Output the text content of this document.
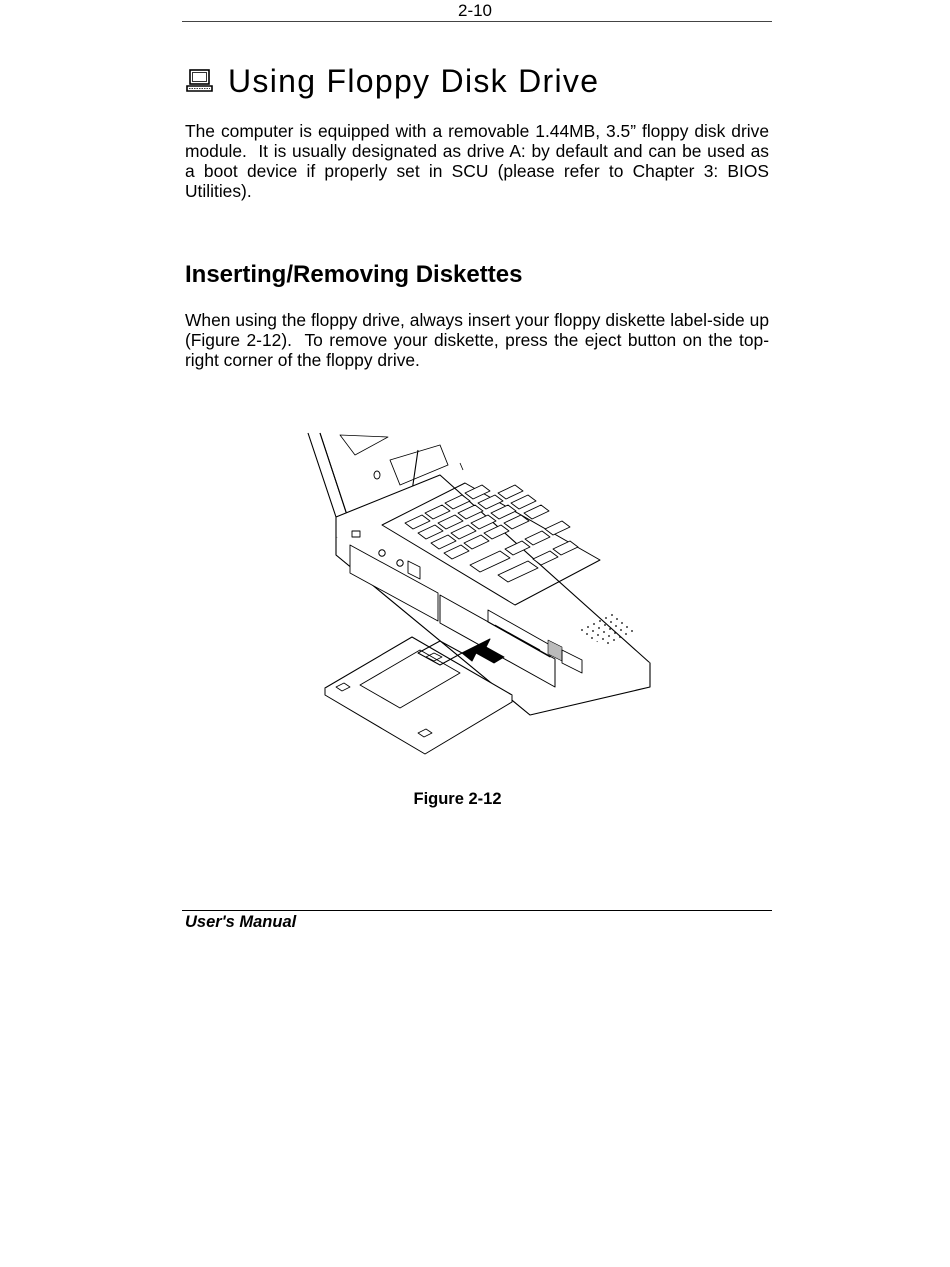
2-10
Using Floppy Disk Drive

The computer is equipped with a removable 1.44MB, 3.5” floppy disk drive module.  It is usually designated as drive A: by default and can be used as a boot device if properly set in SCU (please refer to Chapter 3: BIOS Utilities).

Inserting/Removing Diskettes

When using the floppy drive, always insert your floppy diskette label-side up (Figure 2-12).  To remove your diskette, press the eject button on the top-right corner of the floppy drive.

Figure 2-12
User's Manual
